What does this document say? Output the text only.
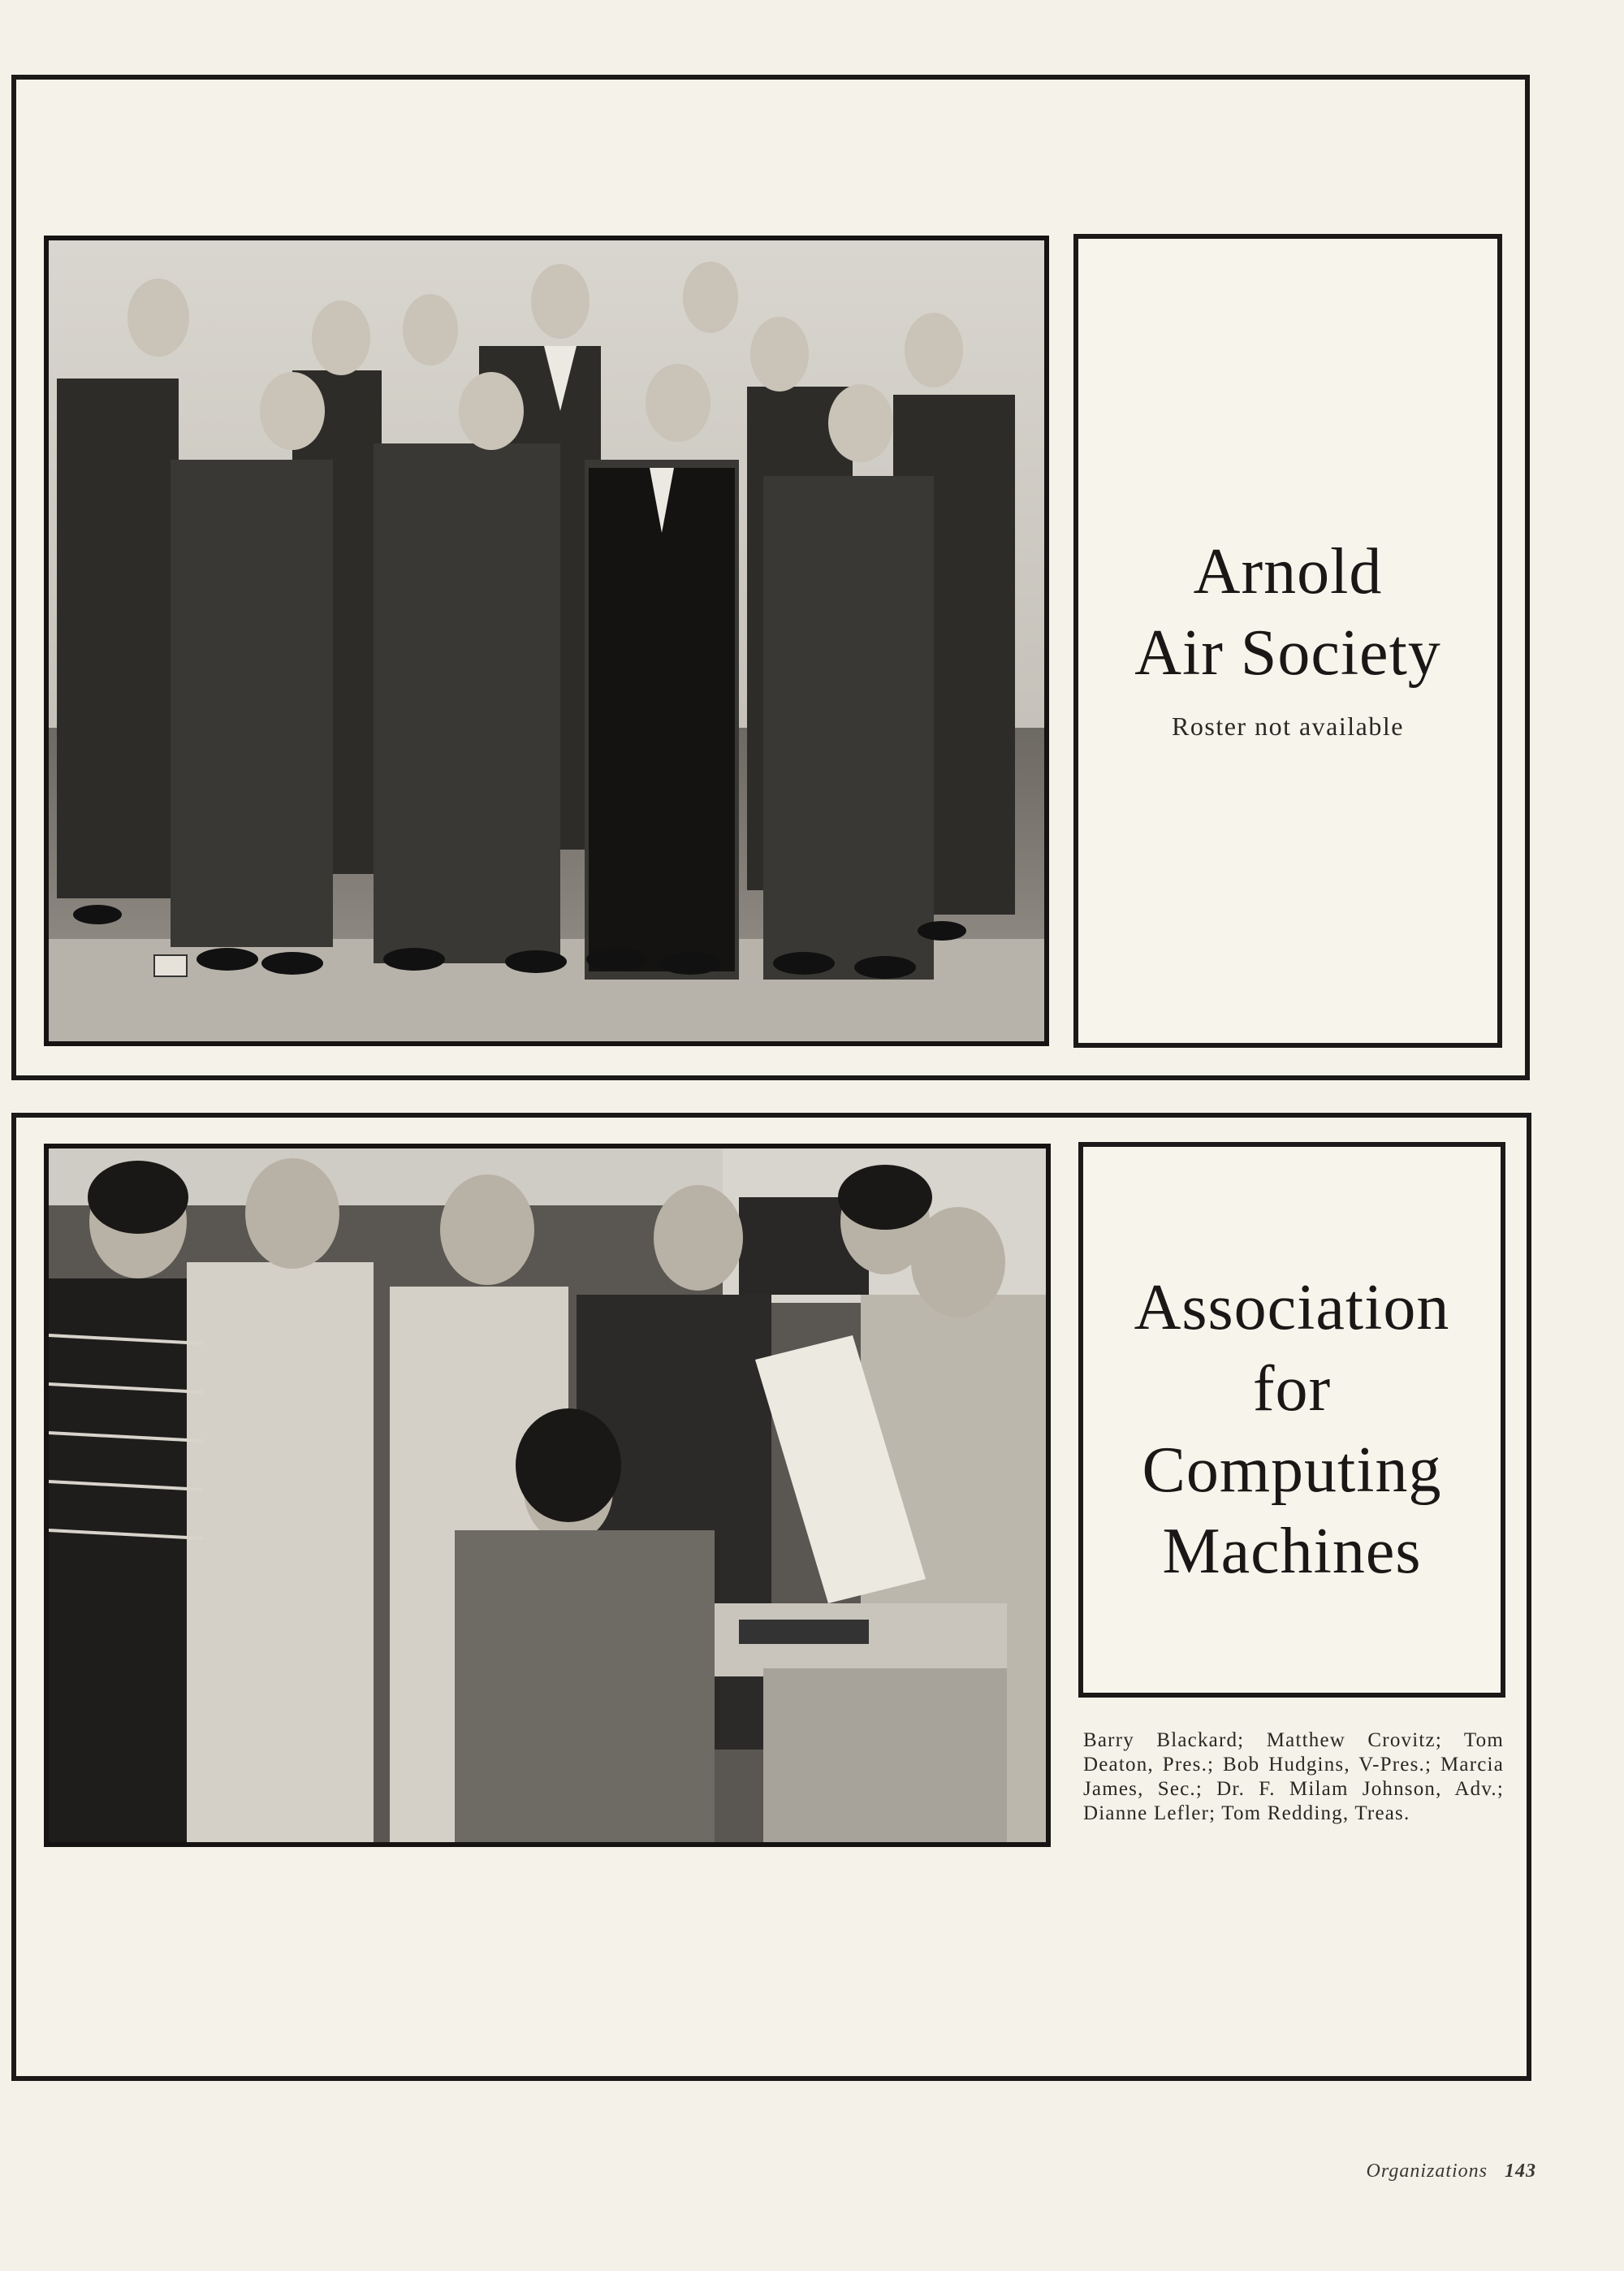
Arnold

Air Society

Roster not available

Association

for

Computing

Machines

Barry Blackard; Matthew Crovitz; Tom Deaton, Pres.; Bob Hudgins, V-Pres.; Marcia James, Sec.; Dr. F. Milam Johnson, Adv.; Dianne Lefler; Tom Redding, Treas.

Organizations 143
